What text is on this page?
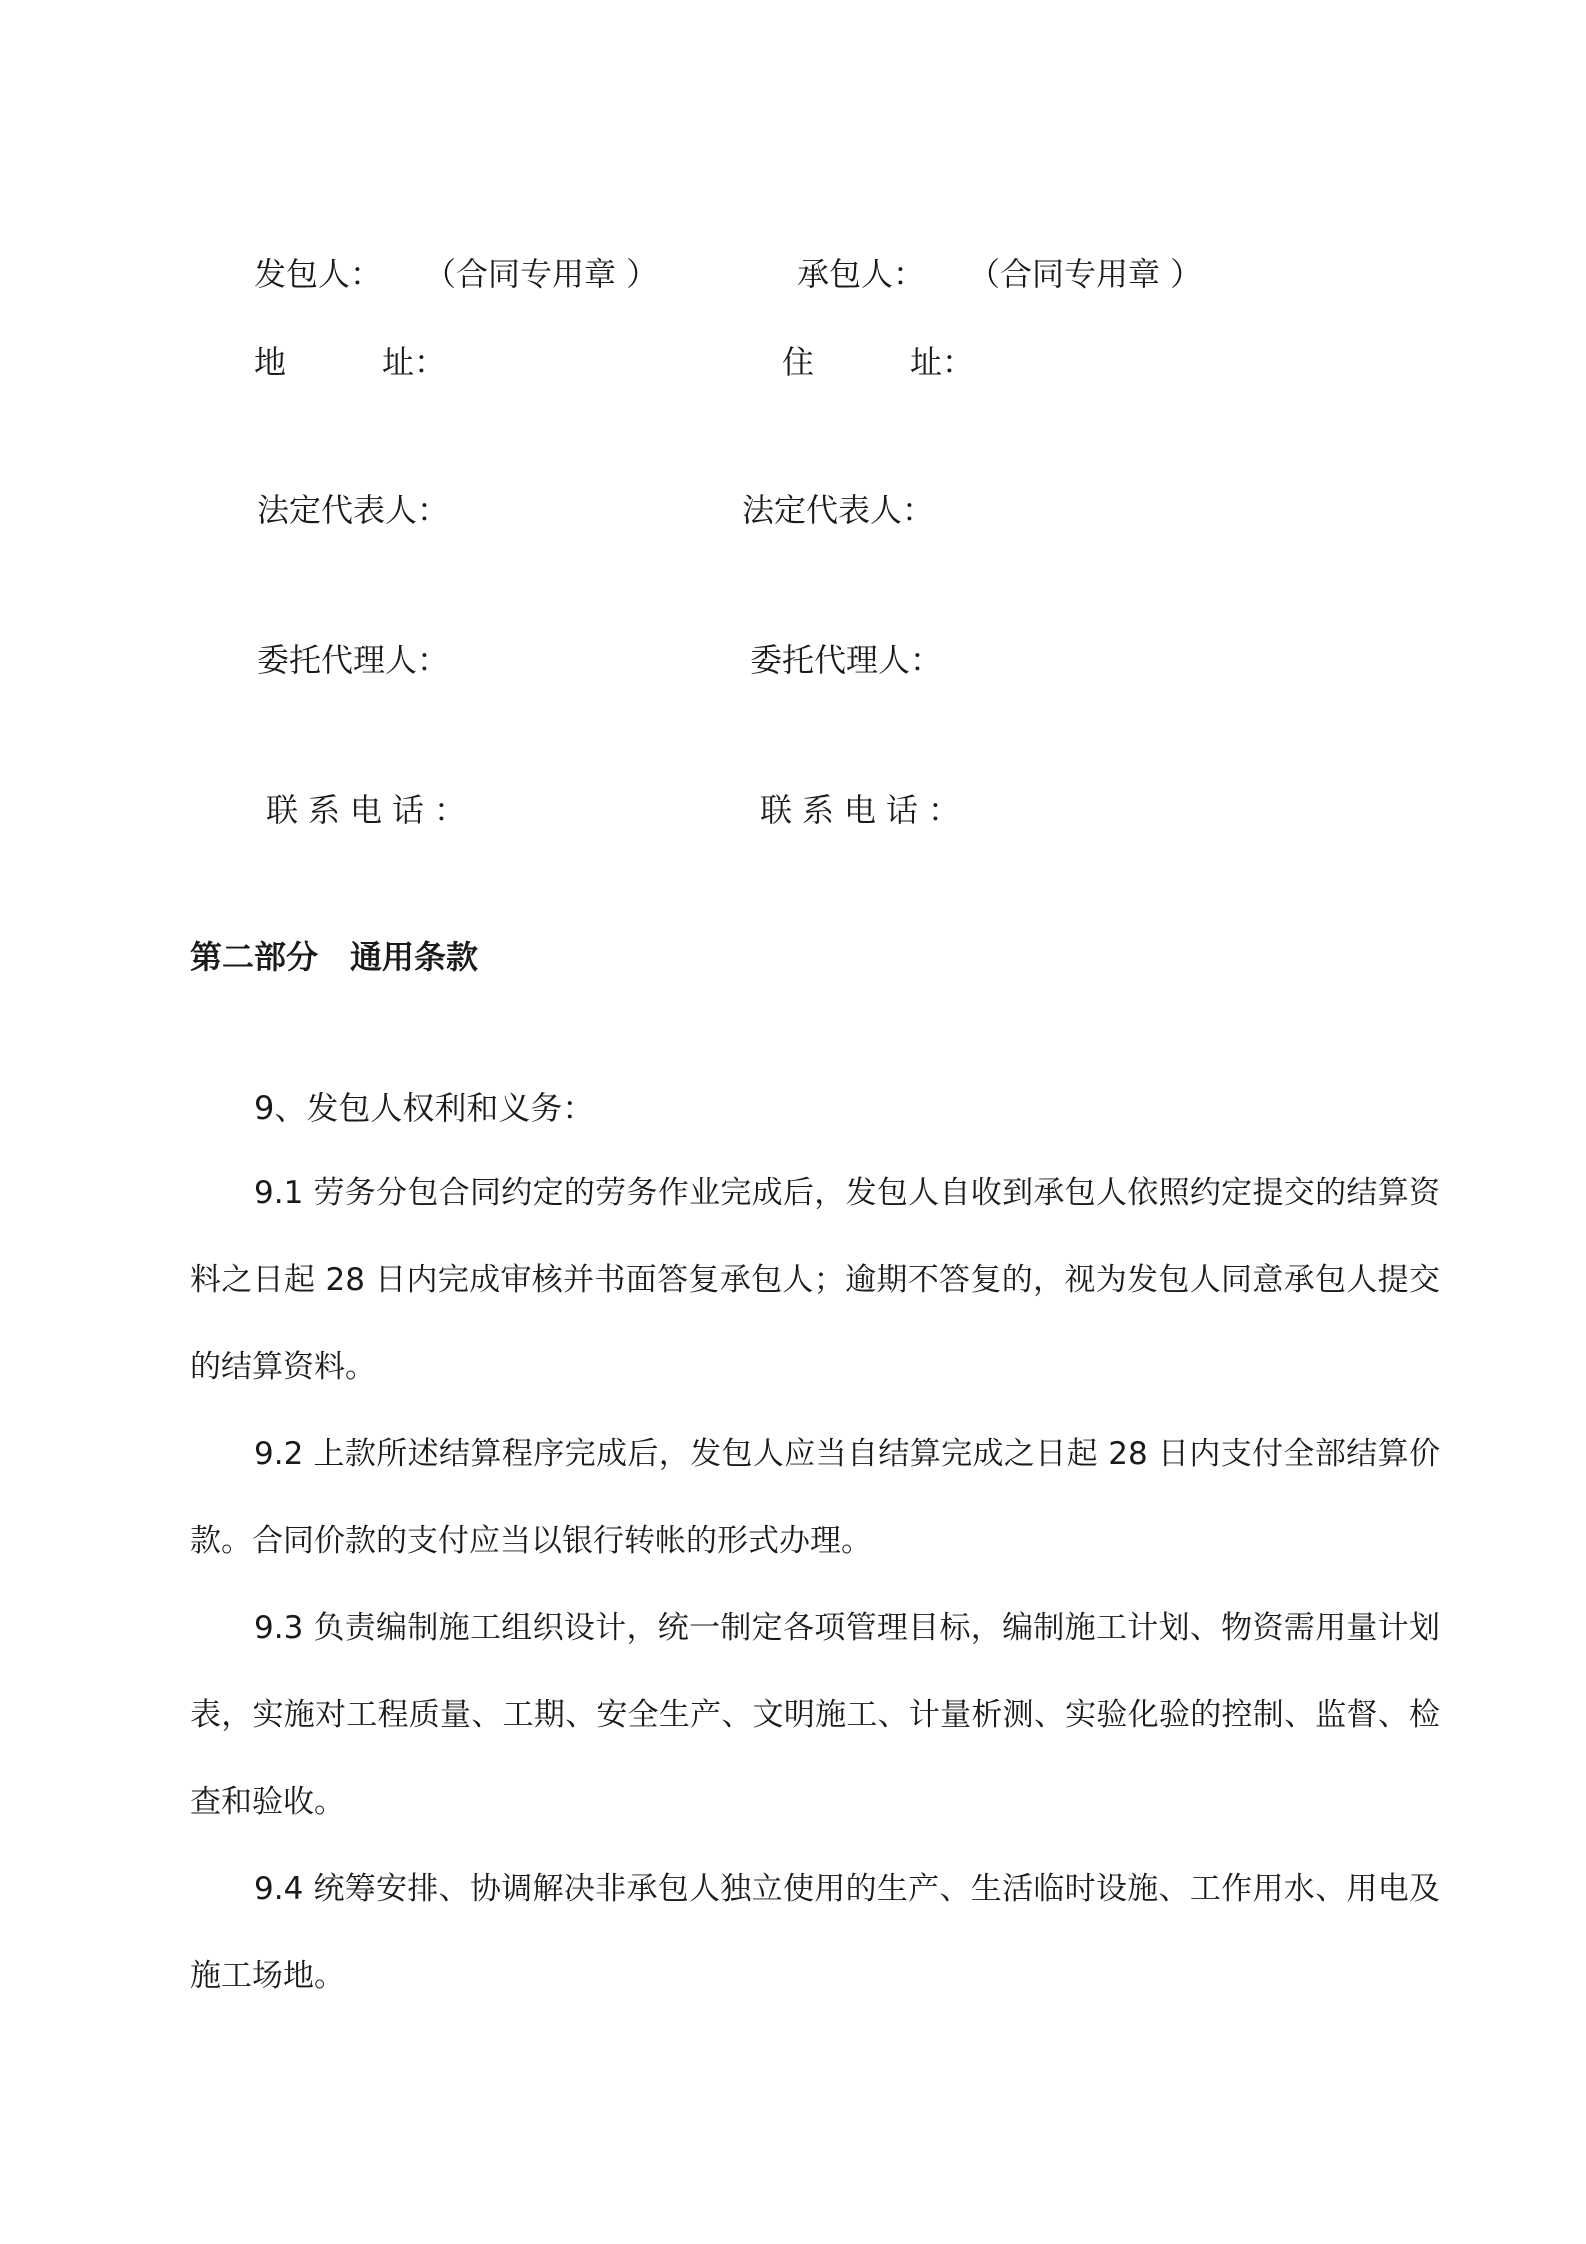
发包人： （合同专用章 ）	承包人： （合同专用章 ）
地	址：	住	址：
法定代表人：	法定代表人：
委托代理人：	委托代理人：
联系电话：	联系电话：
第二部分　通用条款
9、发包人权利和义务：

9.1 劳务分包合同约定的劳务作业完成后，发包人自收到承包人依照约定提交的结算资料之日起 28 日内完成审核并书面答复承包人；逾期不答复的，视为发包人同意承包人提交的结算资料。

9.2 上款所述结算程序完成后，发包人应当自结算完成之日起 28 日内支付全部结算价款。合同价款的支付应当以银行转帐的形式办理。

9.3 负责编制施工组织设计，统一制定各项管理目标，编制施工计划、物资需用量计划表，实施对工程质量、工期、安全生产、文明施工、计量析测、实验化验的控制、监督、检查和验收。

9.4 统筹安排、协调解决非承包人独立使用的生产、生活临时设施、工作用水、用电及施工场地。
